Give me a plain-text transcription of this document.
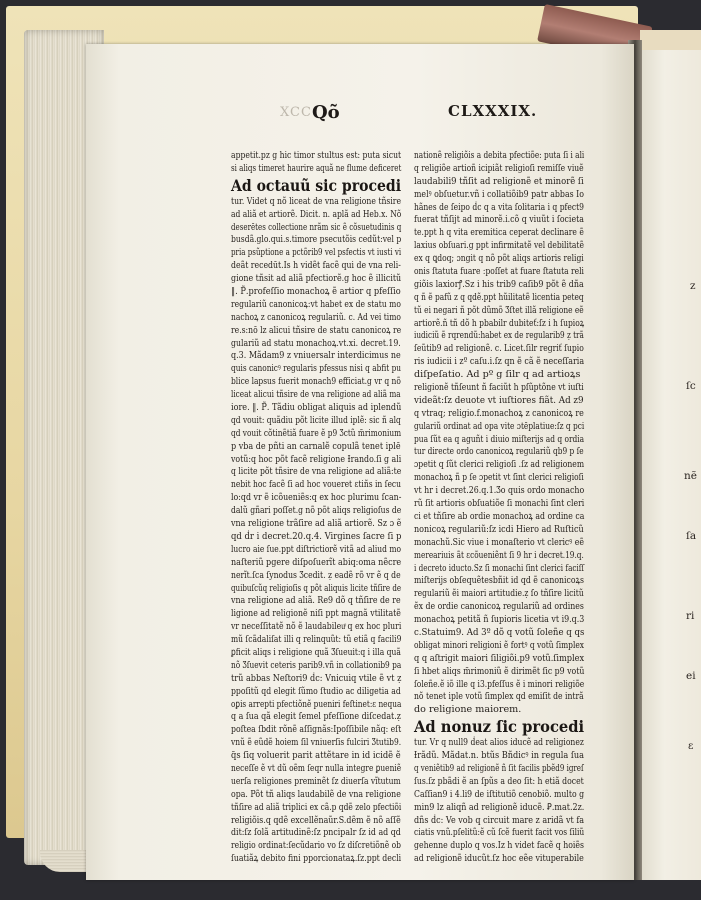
z
ſc
nẽ
ſa
ri
ei
ɛ
XCC Qõ	CLXXXIX.
appetit.pz g hic timor stultus est: puta sicut
si aliqs timeret haurire aquã ne flume deficeret
Ad octauũ sic procedi
tur. Videt q nõ liceat de vna religione tñsire
ad aliã et artiorẽ. Dicit. n. aplã ad Heb.x. Nõ
deserētes collectione nrãm sic ẽ cõsuetudinis q
busdã.glo.qui.s.timore psecutõis cedũt:vel p
pria psũptione a pctõrib9 vel psfectis vt iusti vi
deãt recedūt.Is h vidẽt facẽ qui de vna reli-
gione tñsit ad aliã pfectiorẽ.g hoc ẽ illicitũ
‖. P̃.profeſſio monachoꝝ ẽ artior q pfeſſio
regulariũ canonicoꝝ:vt habet ex de statu mo
nachoꝝ z canonicoꝝ regulariũ. c. Ad vei timo
re.s:nō lz alicui tñsire de statu canonicoꝝ re
gulariũ ad statu monachoꝝ.vt.xi. decret.19.
q.3. Mãdam9 z vniuersalr interdicimus ne
quis canonicꝰ regularis pfessus nisi q abfit pu
blice lapsus fuerit monach9 efficiat.g vr q nõ
liceat alicui tñsire de vna religione ad aliã ma
iore. ‖. P̃. Tãdiu obligat aliquis ad iplendũ
qd vouit: quãdiu põt licite illud iplẽ: sic ñ alq
qd vouit cõtinẽtiã fuare ẽ p9 Ʒctũ m̃rimonium
p vba de pñti an carnalẽ copulã tenet iplē
votũ:q hoc põt facẽ religione Ɨrando.ſi g ali
q licite põt tñsire de vna religione ad aliã:te
nebit hoc facẽ ſi ad hoc voueret ɛtiñs in ſecu
lo:qd vr ẽ icõueniẽs:q ex hoc plurimu ſcan-
dalũ gñari poſſet.g nõ põt aliqs religioſus de
vna religione trãſire ad aliã artiorẽ. Sz ɔ ẽ
qd ḋr i decret.20.q.4. Virgines ſacre ſi p
lucro aie ſue.ppt diſtrictiorẽ vitã ad aliud mo
naſteriũ pgere diſpoſuerĩt abiq:oma nẽcre
nerĩt.ſca ſynodus Ʒcedit. ẓ eadẽ rõ vr ẽ q de
quibuſcũq religioſis q põt aliquis licite tñſire de
vna religione ad aliã. Re9 dõ q tñſire de re
ligione ad religionẽ niſi ppt magnã vtilitatẽ
vr neceſſitatẽ nõ ẽ laudabileuͦ q ex hoc pluri
mũ ſcãdaliſat illi q relinquũt: tũ etiã q facili9
ꝑficit aliqs i religione quã Ʒſueuit:q i illa quã
nõ Ʒſuevit ceteris parib9.vñ in collationib9 pa
trũ abbas Neſtori9 ḋc: Vnicuiq vtile ẽ vt ẓ
ppoſitũ qd elegit ſũmo ſtudio ac diligetia ad
oꝑis arrepti pfectiõnẽ pueniri feſtinet:ɛ nequa
q a ſua qã elegit ſemel pfeſſione diſcedat.ẓ
poſtea ſbdit rõnẽ aſſignãs:Ipoſſibile nãq: eſt
vnũ ẽ eũdẽ hoiem ſil vniuerſis fulciri Ʒtutib9.
q̃s ſiq voluerit parit attẽtare in id icidẽ ẽ
neceſſe ẽ vt dũ oẽm ſeqr nulla integre ꝑueniẽ
uerſa religiones preminẽt ſz diuerſa vĩtutum
opa. Põt tñ aliqs laudabilẽ de vna religione
tñſire ad aliã triplici ex cã.p qdẽ zelo pfectiõi
religiõis.q qdẽ excellẽnaũr.S.dẽm ẽ nõ aſſẽ
dit:ſz ſolã artitudinẽ:ſz pncipalr ſz id ad qd
religio ordinat:ſecũdario vo ſz diſcretiõnẽ ob
ſuatiãꝝ debito fini pporcionataꝝ.ſz.ppt decli
nationẽ religiõis a debita pfectiõe: puta ſi i ali
q religiõe artioñ icipiãt religioſi remiſſe viuẽ
laudabili9 tñſit ad religionẽ et minorẽ ſi
melꝰ obſuetur.vñ i collatiõib9 patr abbas Io
hãnes de ſeipo ḋc q a vita ſolitaria i q pfect9
fuerat tñſijt ad minorẽ.i.cõ q viuũt i ſocieta
te.ppt h q vita eremitica ceperat declinare ẽ
laxius obſuari.g ppt infirmitatẽ vel debilitatẽ
ex q ꝗdoq; ɔngit q nõ põt aliqs artioris religi
onis ſtatuta fuare :poſſet at fuare ſtatuta reli
giõis laxiorꝭ.Sz i his trib9 caſib9 põt ẽ dña
q ñ ẽ pafũ z q qdẽ.ppt hũilitatẽ licentia peteq
tũ ei negari ñ põt dũmõ Ʒſtet illã religione eẽ
artiorẽ.ñ tñ dõ h pbabilr dubiteť:ſz i h ſupioꝝ
iudiciũ ẽ rqrendũ:habet ex de regularib9 ẓ trã
ſeũtib9 ad religionẽ. c. Licet.ſilr regriť ſupio
ris iudicii i zº caſu.i.ſz qn ẽ cã ẽ neceſſaria
diſpeſatio. Ad pº g ſilr q ad artioꝝs
religionẽ tñſeunt ñ faciũt h pſũptõne vt iuſti
videãt:ſz deuote vt iuſtiores fiãt. Ad z9
q vtraq; religio.f.monachoꝝ z canonicoꝝ re
gulariũ ordinat ad opa vite ɔtēplatiue:ſz q pci
pua ſũt ea q aguñt i diuio miſterijs ad q ordia
tur directe ordo canonicoꝝ regulariũ qb9 p ſe
ɔpetit q ſũt clerici religioſi .ſz ad religionem
monachoꝝ ñ p ſe ɔpetit vt ſint clerici religioſi
vt hr i decret.26.q.1.Ʒo quis ordo monacho
rũ ſit artioris obſuatiõe ſi monachi ſint cleri
ci et tñſire ab ordie monachoꝝ ad ordine ca
nonicoꝝ regulariũ:ſz icdi Hiero ad Ruſticũ
monachũ.Sic viue i monaſterio vt clericꝰ eẽ
mereariuis ãt ɛcõueniẽnt ſi 9 hr i decret.19.q.
i decreto iducto.Sz ſi monachi ſint clerici faciſſ
miſterijs obſequẽtesbñit id qd ẽ canonicoꝝs
regulariũ ẽi maiori artitudie.ẓ ſo tñſire licitũ
ẽx de ordie canonicoꝝ regulariũ ad ordines
monachoꝝ petitã ñ ſupioris licetia vt i9.q.3
c.Statuim9. Ad 3º dõ q votũ ſoleñe q qs
obligat minori religioni ẽ fortꝰ q votũ ſimplex
q q aſtrigit maiori ſiligiõi.p9 votũ.ſimplex
ſi hbet aliqs m̃rimoniũ ẽ dirimẽt ſic p9 votũ
ſoleñe.ẽ iõ ille q i3.pfeſſus ẽ i minori religiõe
nõ tenet iple votũ ſimplex qd emiſit de intrã
do religione maiorem.
Ad nonuz ſic procedi
tur. Vr q null9 ḋeat alios iducẽ ad religionez
Ɨrãdũ. Mãdat.n. btũs Bñdicꝰ in regula ſua
q veniẽtib9 ad religionẽ ñ ſit facilis pbẽd9 igreſ
ſus.ſz pbãdi ẽ an ſpũs a deo ſit: h etiã docet
Caſſian9 i 4.li9 de iſtitutiõ cenobiõ. multo g
min9 lz aliqñ ad religionẽ iducẽ. Ꝑ.mat.2z.
dñs ḋc: Ve vob q circuit mare z aridã vt fa
ciatis vnũ.pſelitũ:ẽ cũ ſcẽ fuerit facit vos ſiliũ
gehenne duplo q vos.Iz h videt facẽ q hoiẽs
ad religionẽ iducũt.ſz hoc eẽe vituperabile
